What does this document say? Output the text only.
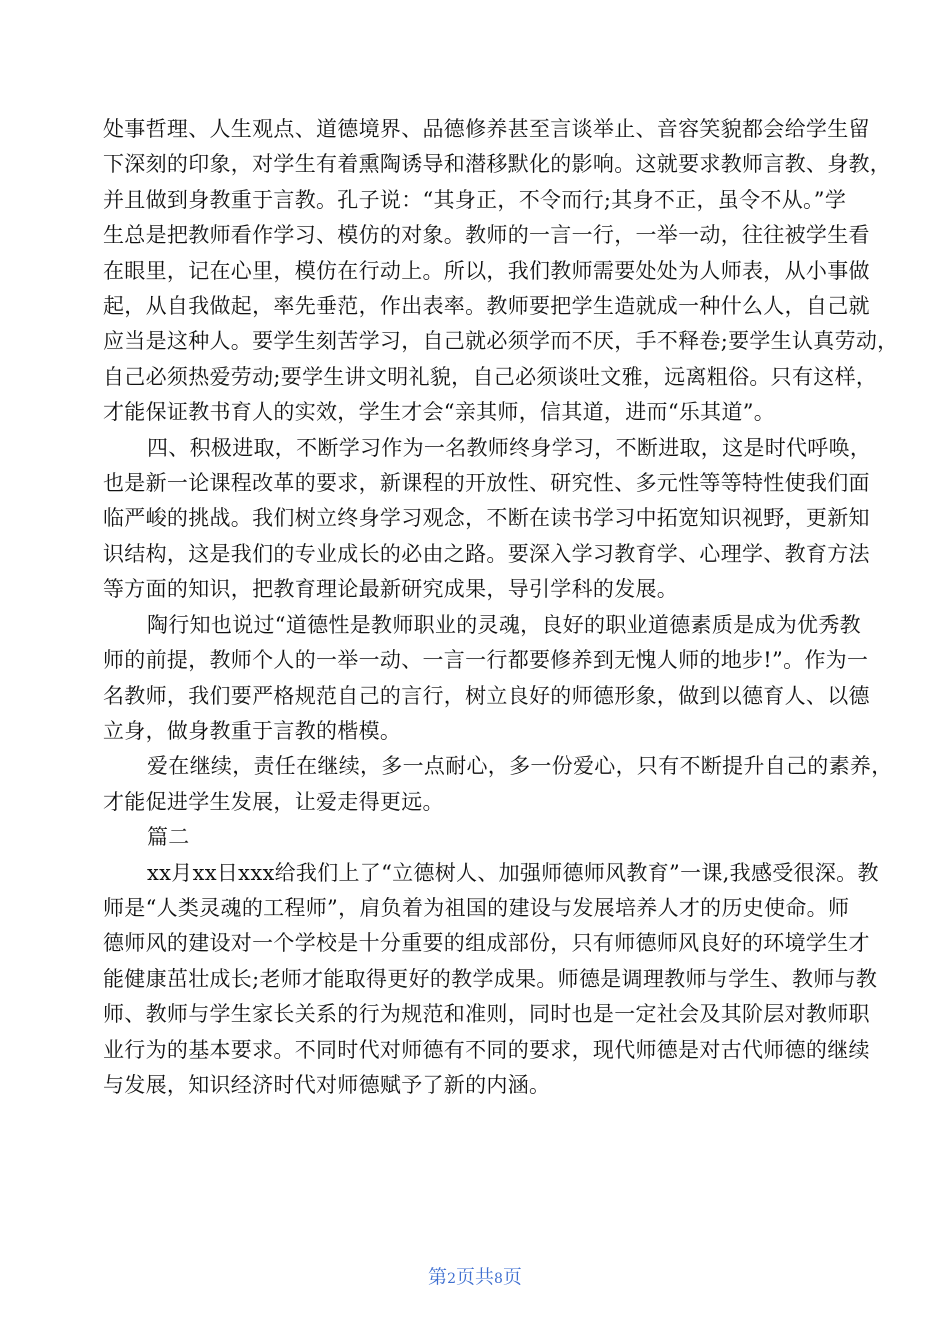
处事哲理、人生观点、道德境界、品德修养甚至言谈举止、音容笑貌都会给学生留
下深刻的印象，对学生有着熏陶诱导和潜移默化的影响。这就要求教师言教、身教，
并且做到身教重于言教。孔子说：“其身正，不令而行;其身不正，虽令不从。”学
生总是把教师看作学习、模仿的对象。教师的一言一行，一举一动，往往被学生看
在眼里，记在心里，模仿在行动上。所以，我们教师需要处处为人师表，从小事做
起，从自我做起，率先垂范，作出表率。教师要把学生造就成一种什么人，自己就
应当是这种人。要学生刻苦学习，自己就必须学而不厌，手不释卷;要学生认真劳动，
自己必须热爱劳动;要学生讲文明礼貌，自己必须谈吐文雅，远离粗俗。只有这样，
才能保证教书育人的实效，学生才会“亲其师，信其道，进而“乐其道”。
四、积极进取，不断学习作为一名教师终身学习，不断进取，这是时代呼唤，
也是新一论课程改革的要求，新课程的开放性、研究性、多元性等等特性使我们面
临严峻的挑战。我们树立终身学习观念，不断在读书学习中拓宽知识视野，更新知
识结构，这是我们的专业成长的必由之路。要深入学习教育学、心理学、教育方法
等方面的知识，把教育理论最新研究成果，导引学科的发展。
陶行知也说过“道德性是教师职业的灵魂，良好的职业道德素质是成为优秀教
师的前提，教师个人的一举一动、一言一行都要修养到无愧人师的地步!”。作为一
名教师，我们要严格规范自己的言行，树立良好的师德形象，做到以德育人、以德
立身，做身教重于言教的楷模。
爱在继续，责任在继续，多一点耐心，多一份爱心，只有不断提升自己的素养，
才能促进学生发展，让爱走得更远。
篇二
xx月xx日xxx给我们上了“立德树人、加强师德师风教育”一课,我感受很深。教
师是“人类灵魂的工程师”，肩负着为祖国的建设与发展培养人才的历史使命。师
德师风的建设对一个学校是十分重要的组成部份，只有师德师风良好的环境学生才
能健康茁壮成长;老师才能取得更好的教学成果。师德是调理教师与学生、教师与教
师、教师与学生家长关系的行为规范和准则，同时也是一定社会及其阶层对教师职
业行为的基本要求。不同时代对师德有不同的要求，现代师德是对古代师德的继续
与发展，知识经济时代对师德赋予了新的内涵。
第2页共8页
